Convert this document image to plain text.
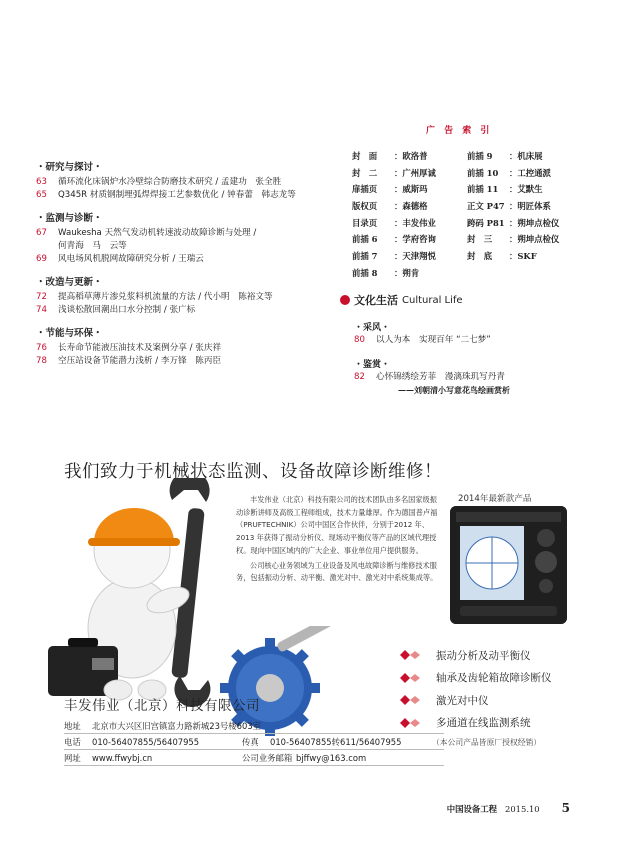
・研究与探讨・
63	循环流化床锅炉水冷壁综合防磨技术研究 / 孟建功　张全胜
65	Q345R 材质钢制埋弧焊焊接工艺参数优化 / 钟春蕾　韩志龙等
・监测与诊断・
67	Waukesha 天然气发动机转速波动故障诊断与处理 /
何青海　马　云等
69	风电场风机脱网故障研究分析 / 王瑞云
・改造与更新・
72	提高稻草薄片渗兑浆料机流量的方法 / 代小明　陈裕文等
74	浅谈松散回潮出口水分控制 / 张广标
・节能与环保・
76	长寿命节能液压油技术及案例分享 / 张庆祥
78	空压站设备节能潜力浅析 / 李万锋　陈丙臣
广 告 索 引
封　面 ：欧洛普	前插 9 ：机床展
封　二 ：广州厚诚	前插 10 ：工控通派
扉插页 ：威斯玛	前插 11 ：艾默生
版权页 ：森德格	正文 P47 ：明匠体系
目录页 ：丰发伟业	跨码 P81 ：朔坤点检仪
前插 6 ：学府咨询	封　三 ：朔坤点检仪
前插 7 ：天津翔悦	封　底 ：SKF
前插 8 ：朔肯
文化生活 Cultural Life
・采风・
80	以人为本　实现百年 “二七梦”
・鉴赏・
82	心怀锦绣绘芳菲　漫漓珠玑写丹青
——刘朝清小写意花鸟绘画赏析
我们致力于机械状态监测、设备故障诊断维修！

丰发伟业（北京）科技有限公司的技术团队由多名国家级振动诊断讲师及高级工程师组成，技术力量雄厚。作为德国普卢福（PRUFTECHNIK）公司中国区合作伙伴，分别于2012 年、2013 年获得了振动分析仪、现场动平衡仪等产品的区域代理授权。现向中国区域内的广大企业、事业单位用户提供服务。

公司核心业务领域为工业设备及风电故障诊断与维修技术服务，包括振动分析、动平衡、激光对中、激光对中系统集成等。

2014年最新款产品
振动分析及动平衡仪
轴承及齿轮箱故障诊断仪
激光对中仪
多通道在线监测系统
（本公司产品皆原厂授权经销）
丰发伟业（北京）科技有限公司
地址	北京市大兴区旧宫镇富力路新城23号楼603室
电话	010-56407855/56407955	传真	010-56407855转611/56407955
网址	www.ffwybj.cn	公司业务邮箱 bjffwy@163.com
中国设备工程 2015.10 5
